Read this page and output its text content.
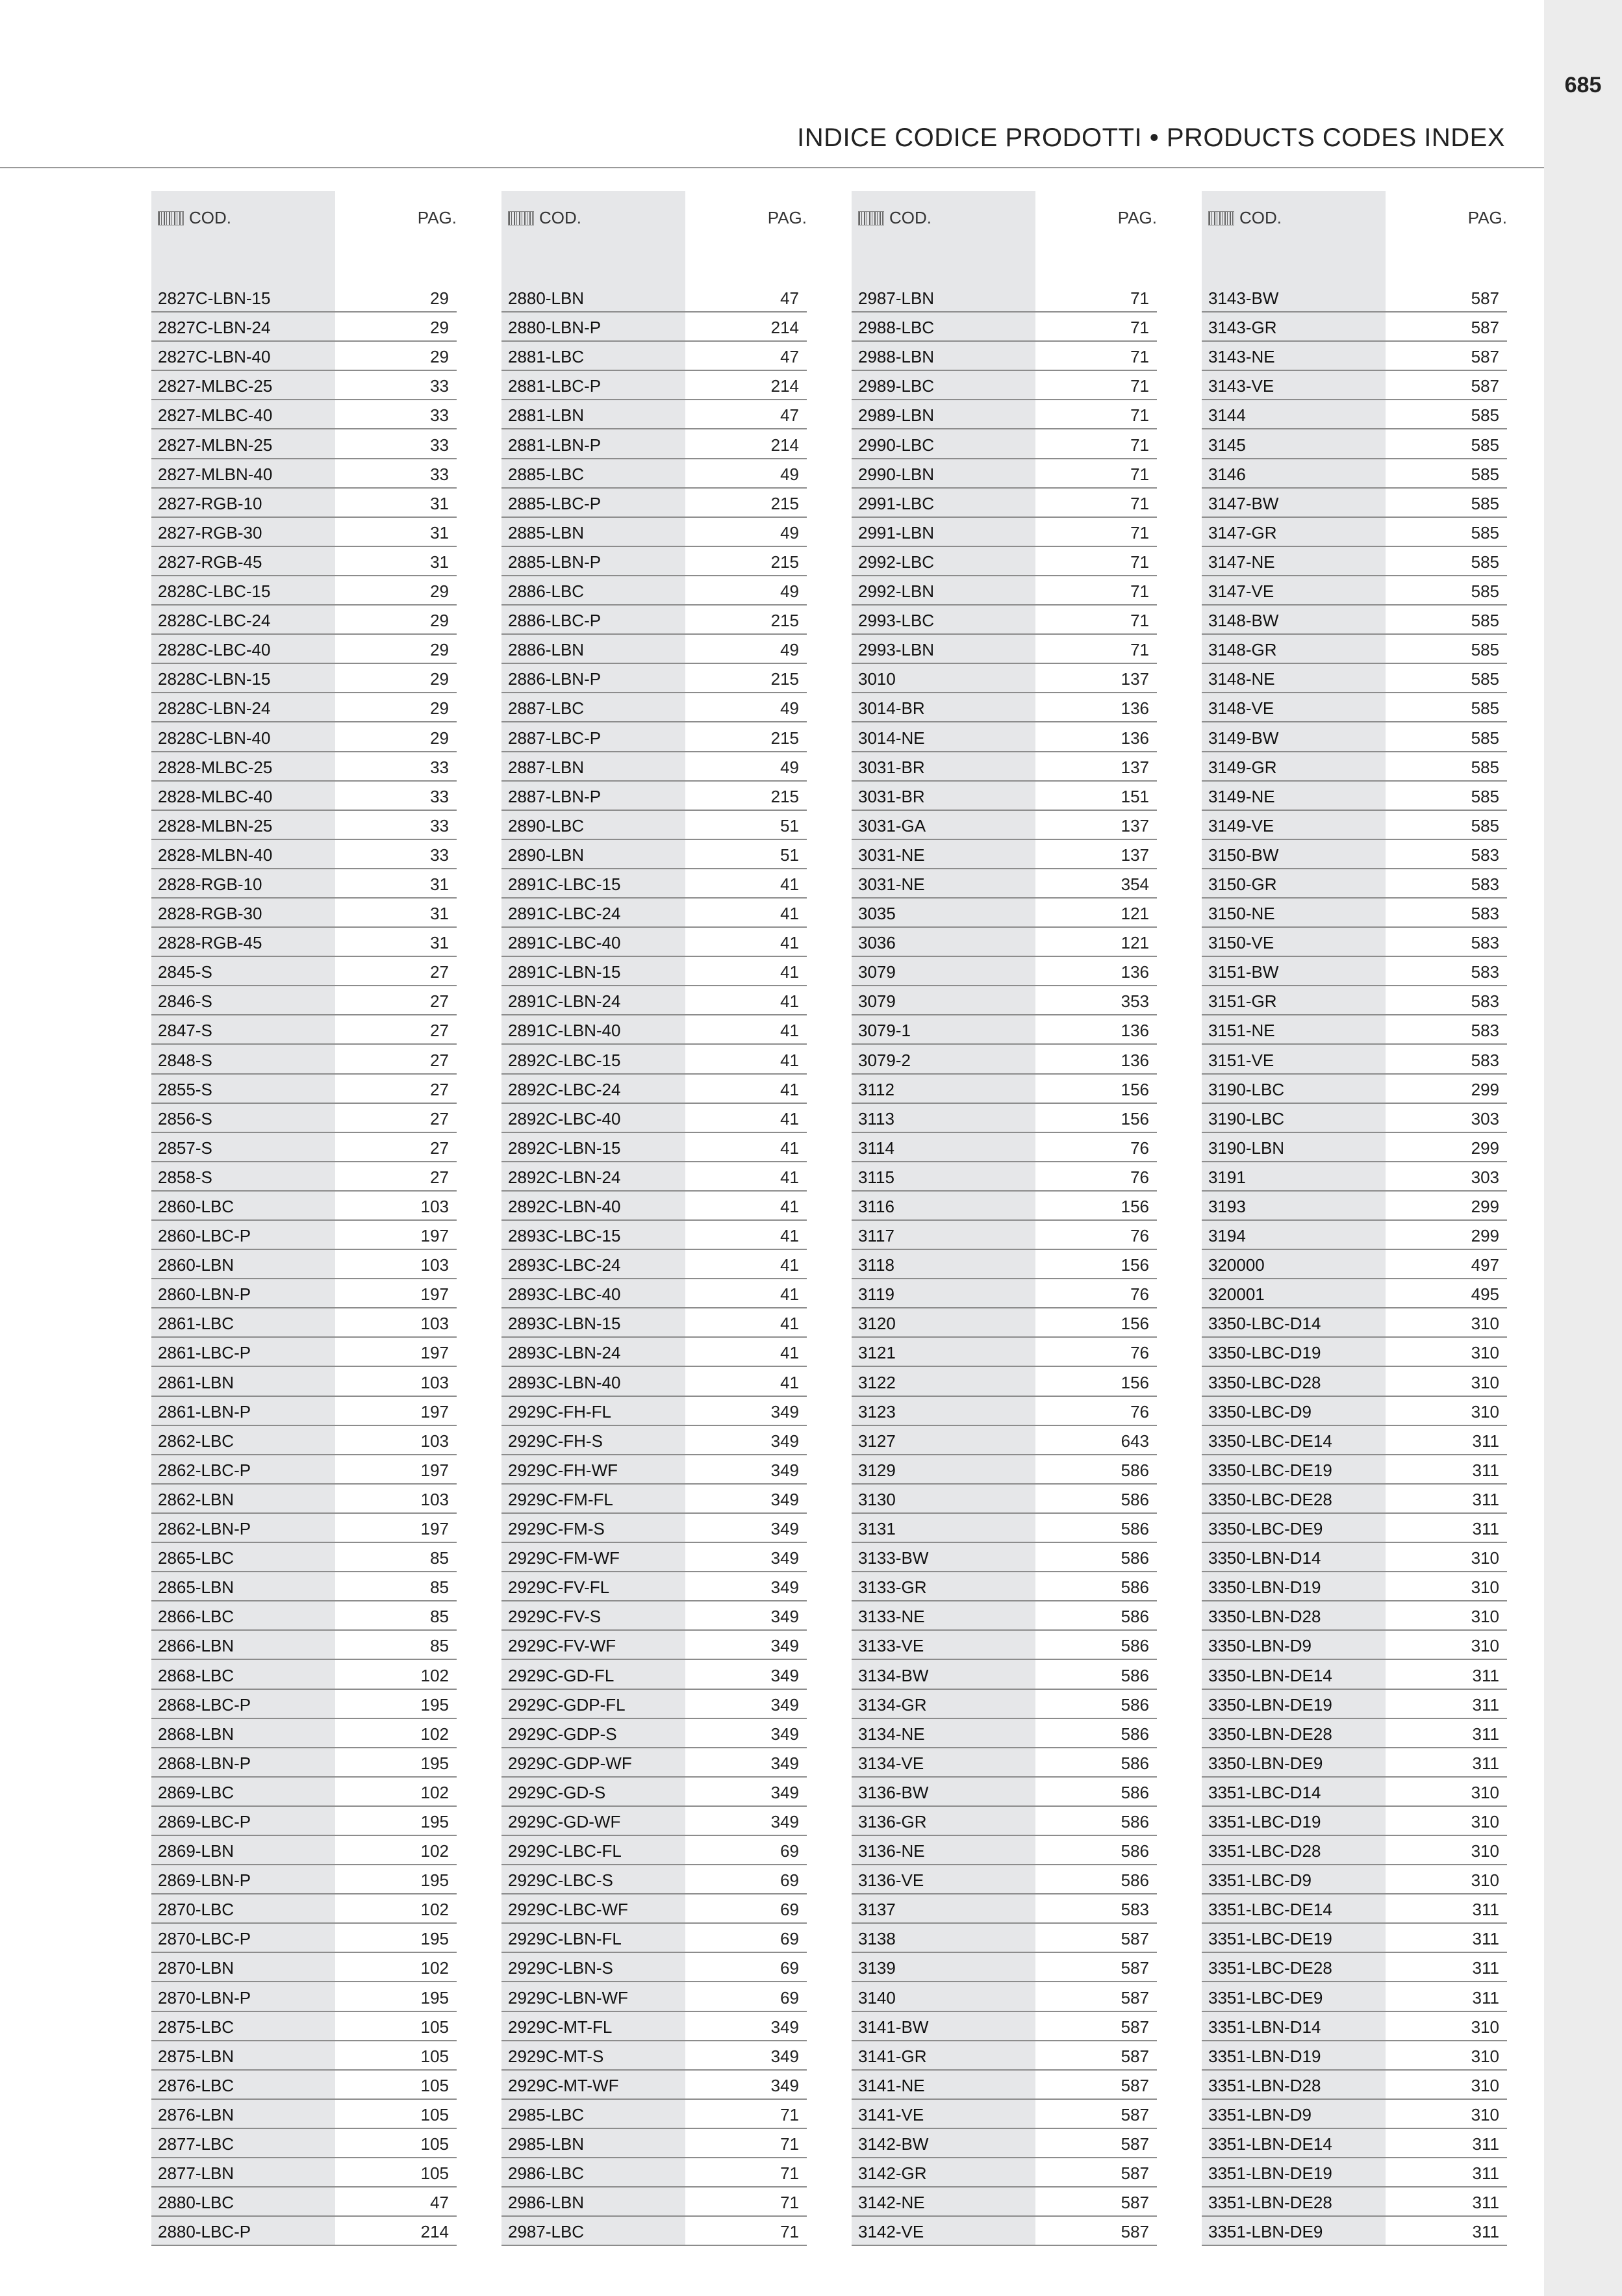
685
INDICE CODICE PRODOTTI • PRODUCTS CODES INDEX
COD.	PAG.
2827C-LBN-15	29
2827C-LBN-24	29
2827C-LBN-40	29
2827-MLBC-25	33
2827-MLBC-40	33
2827-MLBN-25	33
2827-MLBN-40	33
2827-RGB-10	31
2827-RGB-30	31
2827-RGB-45	31
2828C-LBC-15	29
2828C-LBC-24	29
2828C-LBC-40	29
2828C-LBN-15	29
2828C-LBN-24	29
2828C-LBN-40	29
2828-MLBC-25	33
2828-MLBC-40	33
2828-MLBN-25	33
2828-MLBN-40	33
2828-RGB-10	31
2828-RGB-30	31
2828-RGB-45	31
2845-S	27
2846-S	27
2847-S	27
2848-S	27
2855-S	27
2856-S	27
2857-S	27
2858-S	27
2860-LBC	103
2860-LBC-P	197
2860-LBN	103
2860-LBN-P	197
2861-LBC	103
2861-LBC-P	197
2861-LBN	103
2861-LBN-P	197
2862-LBC	103
2862-LBC-P	197
2862-LBN	103
2862-LBN-P	197
2865-LBC	85
2865-LBN	85
2866-LBC	85
2866-LBN	85
2868-LBC	102
2868-LBC-P	195
2868-LBN	102
2868-LBN-P	195
2869-LBC	102
2869-LBC-P	195
2869-LBN	102
2869-LBN-P	195
2870-LBC	102
2870-LBC-P	195
2870-LBN	102
2870-LBN-P	195
2875-LBC	105
2875-LBN	105
2876-LBC	105
2876-LBN	105
2877-LBC	105
2877-LBN	105
2880-LBC	47
2880-LBC-P	214
COD.	PAG.
2880-LBN	47
2880-LBN-P	214
2881-LBC	47
2881-LBC-P	214
2881-LBN	47
2881-LBN-P	214
2885-LBC	49
2885-LBC-P	215
2885-LBN	49
2885-LBN-P	215
2886-LBC	49
2886-LBC-P	215
2886-LBN	49
2886-LBN-P	215
2887-LBC	49
2887-LBC-P	215
2887-LBN	49
2887-LBN-P	215
2890-LBC	51
2890-LBN	51
2891C-LBC-15	41
2891C-LBC-24	41
2891C-LBC-40	41
2891C-LBN-15	41
2891C-LBN-24	41
2891C-LBN-40	41
2892C-LBC-15	41
2892C-LBC-24	41
2892C-LBC-40	41
2892C-LBN-15	41
2892C-LBN-24	41
2892C-LBN-40	41
2893C-LBC-15	41
2893C-LBC-24	41
2893C-LBC-40	41
2893C-LBN-15	41
2893C-LBN-24	41
2893C-LBN-40	41
2929C-FH-FL	349
2929C-FH-S	349
2929C-FH-WF	349
2929C-FM-FL	349
2929C-FM-S	349
2929C-FM-WF	349
2929C-FV-FL	349
2929C-FV-S	349
2929C-FV-WF	349
2929C-GD-FL	349
2929C-GDP-FL	349
2929C-GDP-S	349
2929C-GDP-WF	349
2929C-GD-S	349
2929C-GD-WF	349
2929C-LBC-FL	69
2929C-LBC-S	69
2929C-LBC-WF	69
2929C-LBN-FL	69
2929C-LBN-S	69
2929C-LBN-WF	69
2929C-MT-FL	349
2929C-MT-S	349
2929C-MT-WF	349
2985-LBC	71
2985-LBN	71
2986-LBC	71
2986-LBN	71
2987-LBC	71
COD.	PAG.
2987-LBN	71
2988-LBC	71
2988-LBN	71
2989-LBC	71
2989-LBN	71
2990-LBC	71
2990-LBN	71
2991-LBC	71
2991-LBN	71
2992-LBC	71
2992-LBN	71
2993-LBC	71
2993-LBN	71
3010	137
3014-BR	136
3014-NE	136
3031-BR	137
3031-BR	151
3031-GA	137
3031-NE	137
3031-NE	354
3035	121
3036	121
3079	136
3079	353
3079-1	136
3079-2	136
3112	156
3113	156
3114	76
3115	76
3116	156
3117	76
3118	156
3119	76
3120	156
3121	76
3122	156
3123	76
3127	643
3129	586
3130	586
3131	586
3133-BW	586
3133-GR	586
3133-NE	586
3133-VE	586
3134-BW	586
3134-GR	586
3134-NE	586
3134-VE	586
3136-BW	586
3136-GR	586
3136-NE	586
3136-VE	586
3137	583
3138	587
3139	587
3140	587
3141-BW	587
3141-GR	587
3141-NE	587
3141-VE	587
3142-BW	587
3142-GR	587
3142-NE	587
3142-VE	587
COD.	PAG.
3143-BW	587
3143-GR	587
3143-NE	587
3143-VE	587
3144	585
3145	585
3146	585
3147-BW	585
3147-GR	585
3147-NE	585
3147-VE	585
3148-BW	585
3148-GR	585
3148-NE	585
3148-VE	585
3149-BW	585
3149-GR	585
3149-NE	585
3149-VE	585
3150-BW	583
3150-GR	583
3150-NE	583
3150-VE	583
3151-BW	583
3151-GR	583
3151-NE	583
3151-VE	583
3190-LBC	299
3190-LBC	303
3190-LBN	299
3191	303
3193	299
3194	299
320000	497
320001	495
3350-LBC-D14	310
3350-LBC-D19	310
3350-LBC-D28	310
3350-LBC-D9	310
3350-LBC-DE14	311
3350-LBC-DE19	311
3350-LBC-DE28	311
3350-LBC-DE9	311
3350-LBN-D14	310
3350-LBN-D19	310
3350-LBN-D28	310
3350-LBN-D9	310
3350-LBN-DE14	311
3350-LBN-DE19	311
3350-LBN-DE28	311
3350-LBN-DE9	311
3351-LBC-D14	310
3351-LBC-D19	310
3351-LBC-D28	310
3351-LBC-D9	310
3351-LBC-DE14	311
3351-LBC-DE19	311
3351-LBC-DE28	311
3351-LBC-DE9	311
3351-LBN-D14	310
3351-LBN-D19	310
3351-LBN-D28	310
3351-LBN-D9	310
3351-LBN-DE14	311
3351-LBN-DE19	311
3351-LBN-DE28	311
3351-LBN-DE9	311
